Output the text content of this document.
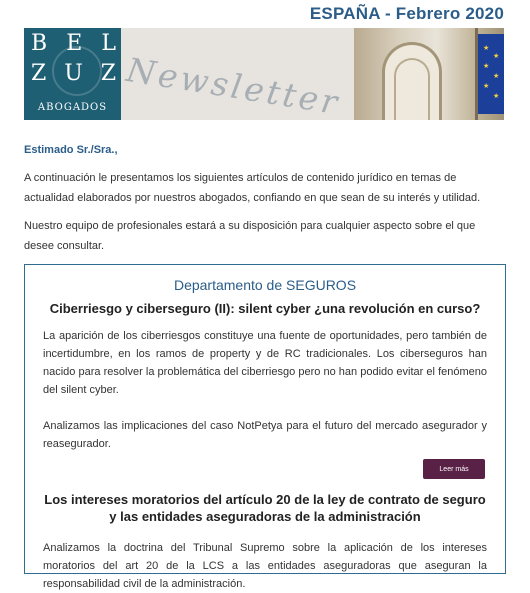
ESPAÑA - Febrero 2020
B E L
Z U Z
ABOGADOS Newsletter
★
★
★
★
★
★
Estimado Sr./Sra.,
A continuación le presentamos los siguientes artículos de contenido jurídico en temas de actualidad elaborados por nuestros abogados, confiando en que sean de su interés y utilidad.
Nuestro equipo de profesionales estará a su disposición para cualquier aspecto sobre el que desee consultar.
Departamento de SEGUROS
Ciberriesgo y ciberseguro (II): silent cyber ¿una revolución en curso?
La aparición de los ciberriesgos constituye una fuente de oportunidades, pero también de incertidumbre, en los ramos de property y de RC tradicionales. Los ciberseguros han nacido para resolver la problemática del ciberriesgo pero no han podido evitar el fenómeno del silent cyber.
Analizamos las implicaciones del caso NotPetya para el futuro del mercado asegurador y reasegurador.
Leer más
Los intereses moratorios del artículo 20 de la ley de contrato de seguro y las entidades aseguradoras de la administración
Analizamos la doctrina del Tribunal Supremo sobre la aplicación de los intereses moratorios del art 20 de la LCS a las entidades aseguradoras que aseguran la responsabilidad civil de la administración.
